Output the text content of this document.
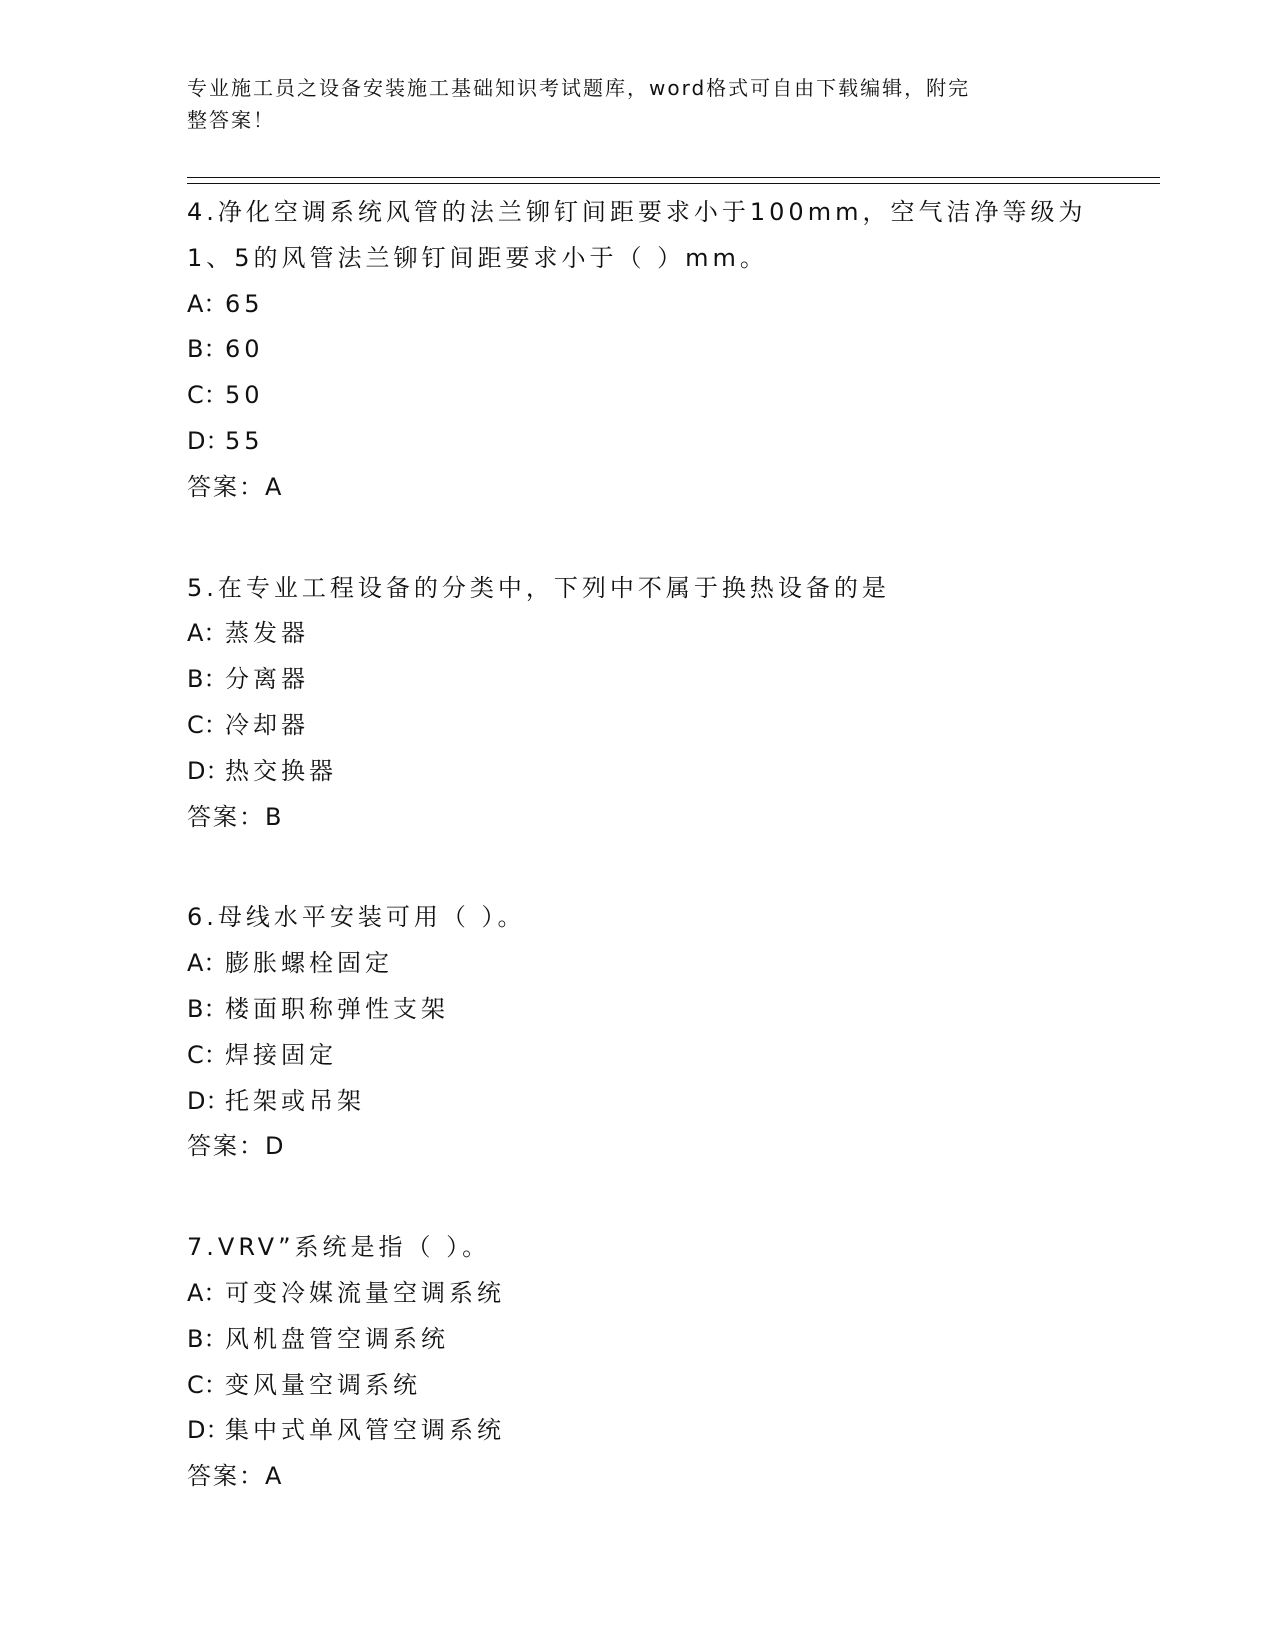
专业施工员之设备安装施工基础知识考试题库，word格式可自由下载编辑，附完
整答案！
4.净化空调系统风管的法兰铆钉间距要求小于100mm，空气洁净等级为
1、5的风管法兰铆钉间距要求小于（ ）mm。
A：65
B：60
C：50
D：55
答案：A
5.在专业工程设备的分类中，下列中不属于换热设备的是
A：蒸发器
B：分离器
C：冷却器
D：热交换器
答案：B
6.母线水平安装可用（ ）。
A：膨胀螺栓固定
B：楼面职称弹性支架
C：焊接固定
D：托架或吊架
答案：D
7.VRV”系统是指（ ）。
A：可变冷媒流量空调系统
B：风机盘管空调系统
C：变风量空调系统
D：集中式单风管空调系统
答案：A
